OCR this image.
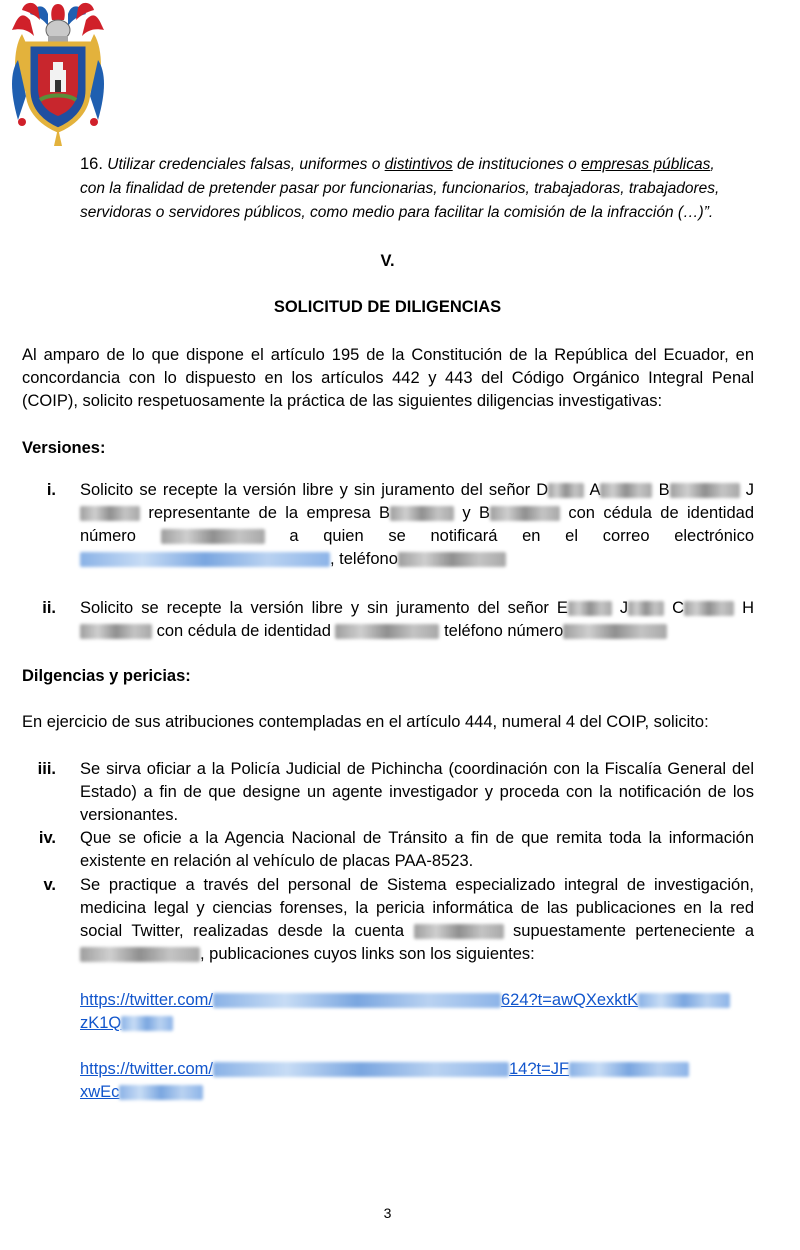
16. Utilizar credenciales falsas, uniformes o distintivos de instituciones o empresas públicas,
con la finalidad de pretender pasar por funcionarias, funcionarios, trabajadoras, trabajadores,
servidoras o servidores públicos, como medio para facilitar la comisión de la infracción (…)”.
V.
SOLICITUD DE DILIGENCIAS
Al amparo de lo que dispone el artículo 195 de la Constitución de la República del Ecuador, en concordancia con lo dispuesto en los artículos 442 y 443 del Código Orgánico Integral Penal (COIP), solicito respetuosamente la práctica de las siguientes diligencias investigativas:
Versiones:
i. Solicito se recepte la versión libre y sin juramento del señor D A	B	J representante de la empresa B	y B	con cédula de identidad número	a quien se notificará en el correo electrónico , teléfono
ii. Solicito se recepte la versión libre y sin juramento del señor E	J C	H con cédula de identidad	teléfono número
Dilgencias y pericias:
En ejercicio de sus atribuciones contempladas en el artículo 444, numeral 4 del COIP, solicito:
iii. Se sirva oficiar a la Policía Judicial de Pichincha (coordinación con la Fiscalía General del Estado) a fin de que designe un agente investigador y proceda con la notificación de los versionantes.
iv. Que se oficie a la Agencia Nacional de Tránsito a fin de que remita toda la información existente en relación al vehículo de placas PAA-8523.
v. Se practique a través del personal de Sistema especializado integral de investigación, medicina legal y ciencias forenses, la pericia informática de las publicaciones en la red social Twitter, realizadas desde la cuenta	supuestamente perteneciente a , publicaciones cuyos links son los siguientes:
https://twitter.com/	624?t=awQXexktK
zK1Q
https://twitter.com/	14?t=JF
xwEc
3
